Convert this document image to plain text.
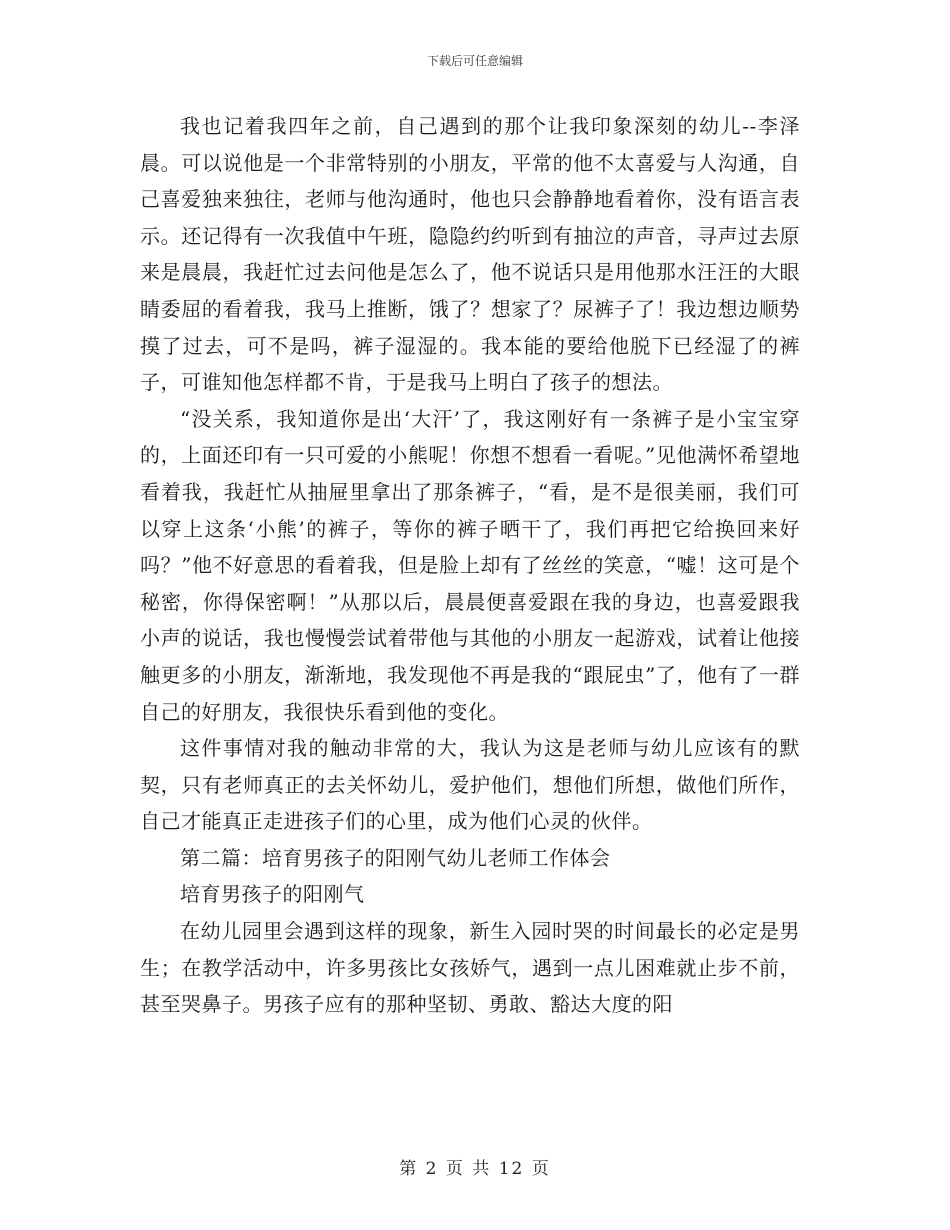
下载后可任意编辑

我也记着我四年之前，自己遇到的那个让我印象深刻的幼儿--李泽晨。可以说他是一个非常特别的小朋友，平常的他不太喜爱与人沟通，自己喜爱独来独往，老师与他沟通时，他也只会静静地看着你，没有语言表示。还记得有一次我值中午班，隐隐约约听到有抽泣的声音，寻声过去原来是晨晨，我赶忙过去问他是怎么了，他不说话只是用他那水汪汪的大眼睛委屈的看着我，我马上推断，饿了？想家了？尿裤子了！我边想边顺势摸了过去，可不是吗，裤子湿湿的。我本能的要给他脱下已经湿了的裤子，可谁知他怎样都不肯，于是我马上明白了孩子的想法。

“没关系，我知道你是出‘大汗’了，我这刚好有一条裤子是小宝宝穿的，上面还印有一只可爱的小熊呢！你想不想看一看呢。”见他满怀希望地看着我，我赶忙从抽屉里拿出了那条裤子，“看，是不是很美丽，我们可以穿上这条‘小熊’的裤子，等你的裤子晒干了，我们再把它给换回来好吗？”他不好意思的看着我，但是脸上却有了丝丝的笑意，“嘘！这可是个秘密，你得保密啊！”从那以后，晨晨便喜爱跟在我的身边，也喜爱跟我小声的说话，我也慢慢尝试着带他与其他的小朋友一起游戏，试着让他接触更多的小朋友，渐渐地，我发现他不再是我的“跟屁虫”了，他有了一群自己的好朋友，我很快乐看到他的变化。

这件事情对我的触动非常的大，我认为这是老师与幼儿应该有的默契，只有老师真正的去关怀幼儿，爱护他们，想他们所想，做他们所作，自己才能真正走进孩子们的心里，成为他们心灵的伙伴。

第二篇：培育男孩子的阳刚气幼儿老师工作体会

培育男孩子的阳刚气

在幼儿园里会遇到这样的现象，新生入园时哭的时间最长的必定是男生；在教学活动中，许多男孩比女孩娇气，遇到一点儿困难就止步不前，甚至哭鼻子。男孩子应有的那种坚韧、勇敢、豁达大度的阳

第 2 页 共 12 页
